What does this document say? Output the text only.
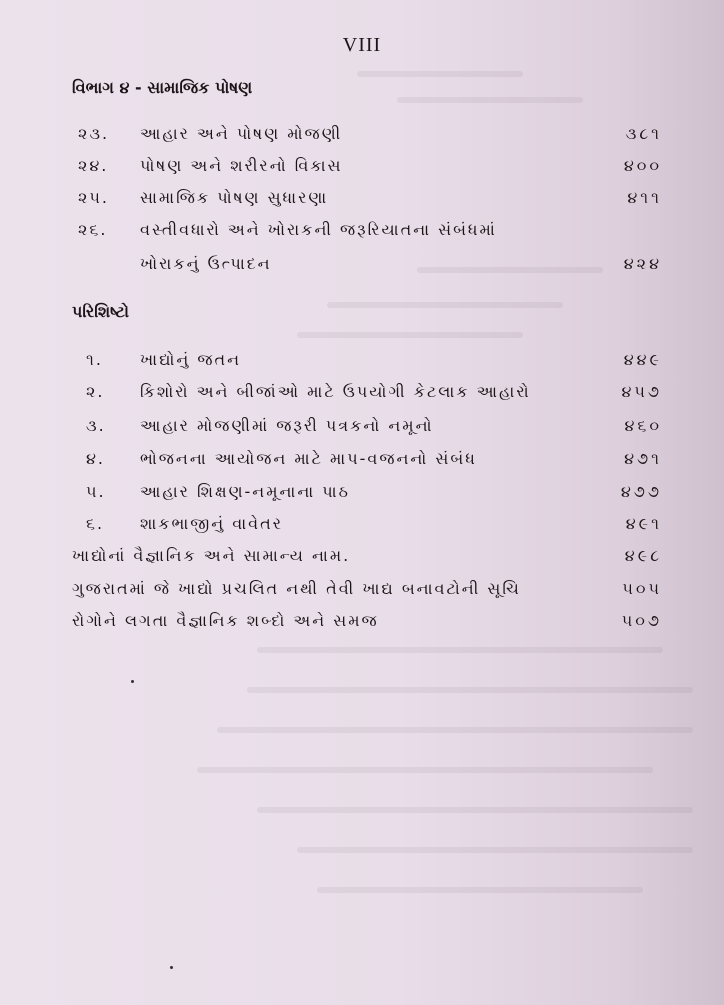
VIII
વિભાગ ૪ - સામાજિક પોષણ
૨૩. આહાર અને પોષણ મોજણી	૩૮૧
૨૪. પોષણ અને શરીરનો વિકાસ	૪૦૦
૨૫. સામાજિક પોષણ સુધારણા	૪૧૧
૨૬. વસ્તીવધારો અને ખોરાકની જરૂરિયાતના સંબંધમાં
ખોરાકનું ઉત્પાદન	૪૨૪
પરિશિષ્ટો
૧. ખાદ્યોનું જતન	૪૪૯
૨. કિશોરો અને બીજાંઓ માટે ઉપયોગી કેટલાક આહારો	૪૫૭
૩. આહાર મોજણીમાં જરૂરી પત્રકનો નમૂનો	૪૬૦
૪. ભોજનના આયોજન માટે માપ-વજનનો સંબંધ	૪૭૧
૫. આહાર શિક્ષણ-નમૂનાના પાઠ	૪૭૭
૬. શાકભાજીનું વાવેતર	૪૯૧
ખાદ્યોનાં વૈજ્ઞાનિક અને સામાન્ય નામ.	૪૯૮
ગુજરાતમાં જે ખાદ્યો પ્રચલિત નથી તેવી ખાદ્ય બનાવટોની સૂચિ	૫૦૫
રોગોને લગતા વૈજ્ઞાનિક શબ્દો અને સમજ	૫૦૭
